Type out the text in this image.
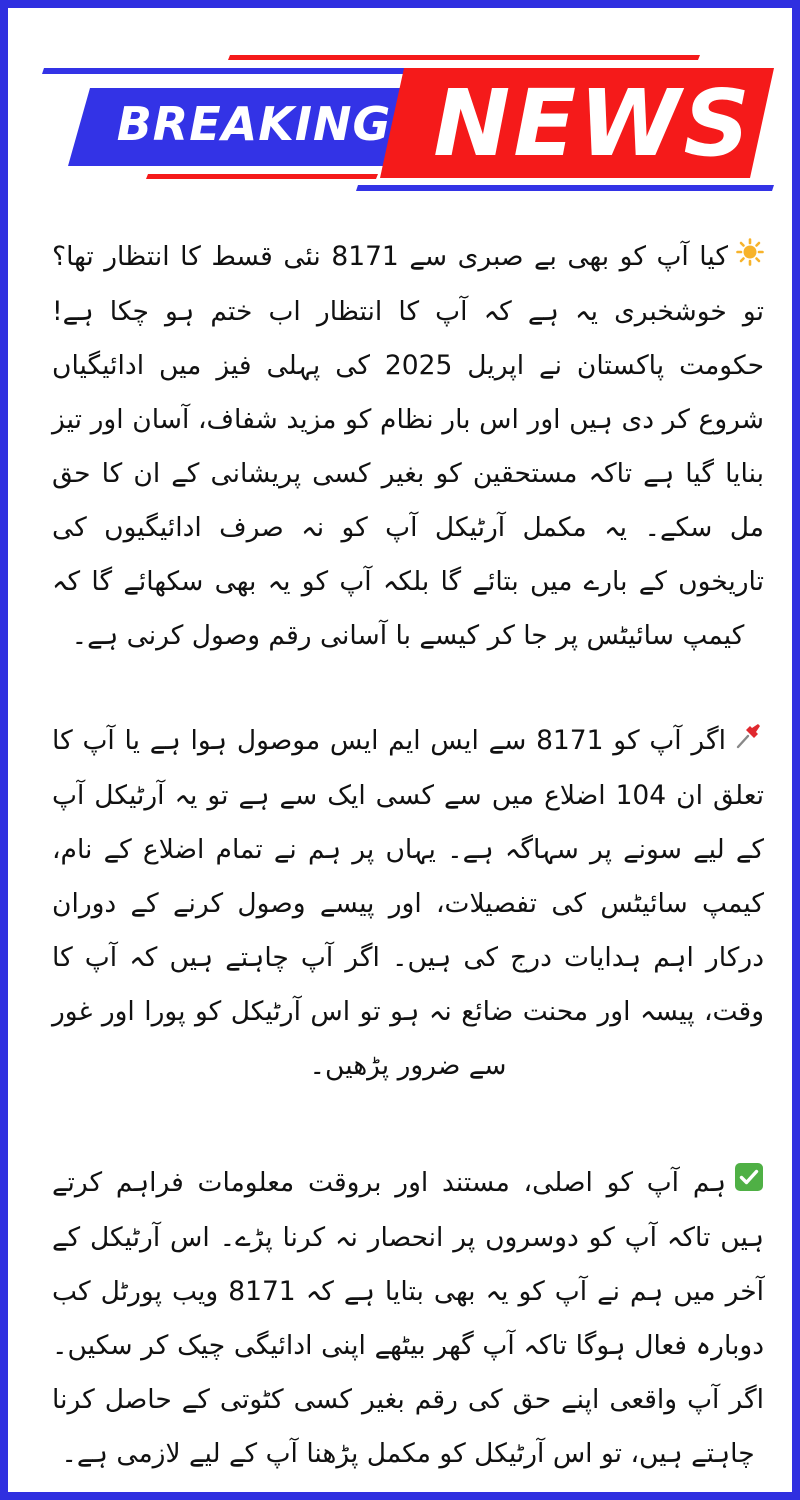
BREAKING NEWS

کیا آپ کو بھی بے صبری سے 8171 نئی قسط کا انتظار تھا؟ تو خوشخبری یہ ہے کہ آپ کا انتظار اب ختم ہو چکا ہے! حکومت پاکستان نے اپریل 2025 کی پہلی فیز میں ادائیگیاں شروع کر دی ہیں اور اس بار نظام کو مزید شفاف، آسان اور تیز بنایا گیا ہے تاکہ مستحقین کو بغیر کسی پریشانی کے ان کا حق مل سکے۔ یہ مکمل آرٹیکل آپ کو نہ صرف ادائیگیوں کی تاریخوں کے بارے میں بتائے گا بلکہ آپ کو یہ بھی سکھائے گا کہ کیمپ سائیٹس پر جا کر کیسے با آسانی رقم وصول کرنی ہے۔

اگر آپ کو 8171 سے ایس ایم ایس موصول ہوا ہے یا آپ کا تعلق ان 104 اضلاع میں سے کسی ایک سے ہے تو یہ آرٹیکل آپ کے لیے سونے پر سہاگہ ہے۔ یہاں پر ہم نے تمام اضلاع کے نام، کیمپ سائیٹس کی تفصیلات، اور پیسے وصول کرنے کے دوران درکار اہم ہدایات درج کی ہیں۔ اگر آپ چاہتے ہیں کہ آپ کا وقت، پیسہ اور محنت ضائع نہ ہو تو اس آرٹیکل کو پورا اور غور سے ضرور پڑھیں۔

ہم آپ کو اصلی، مستند اور بروقت معلومات فراہم کرتے ہیں تاکہ آپ کو دوسروں پر انحصار نہ کرنا پڑے۔ اس آرٹیکل کے آخر میں ہم نے آپ کو یہ بھی بتایا ہے کہ 8171 ویب پورٹل کب دوبارہ فعال ہوگا تاکہ آپ گھر بیٹھے اپنی ادائیگی چیک کر سکیں۔ اگر آپ واقعی اپنے حق کی رقم بغیر کسی کٹوتی کے حاصل کرنا چاہتے ہیں، تو اس آرٹیکل کو مکمل پڑھنا آپ کے لیے لازمی ہے۔
